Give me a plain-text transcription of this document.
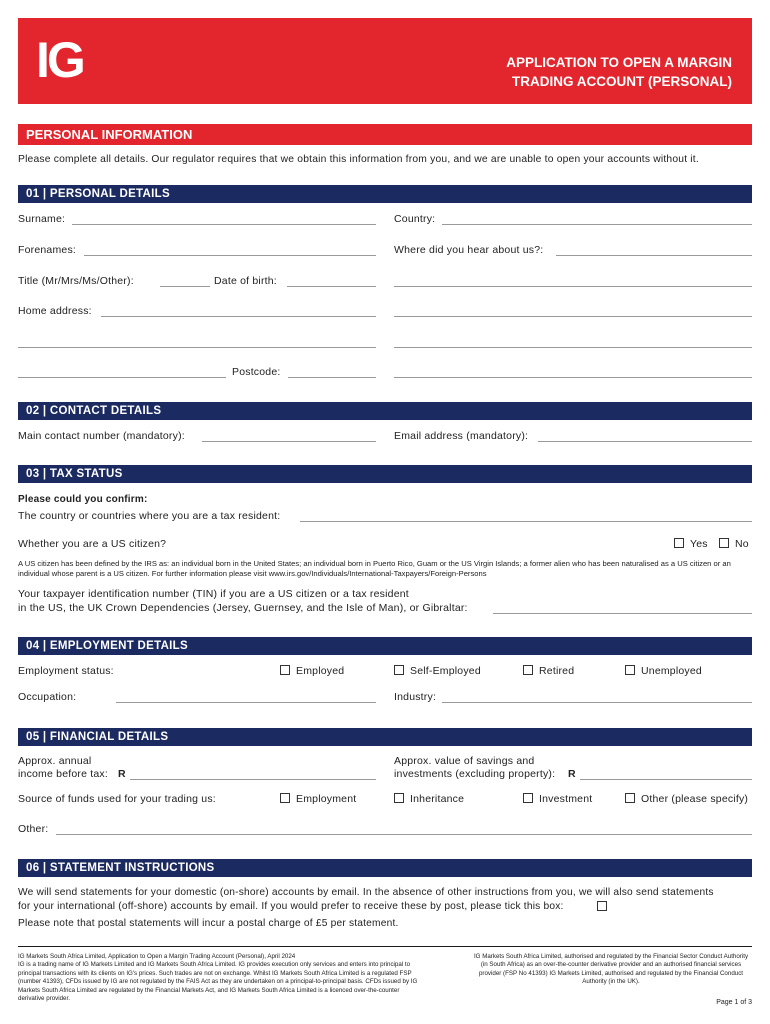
IG	APPLICATION TO OPEN A MARGIN
TRADING ACCOUNT (PERSONAL)
PERSONAL INFORMATION
Please complete all details. Our regulator requires that we obtain this information from you, and we are unable to open your accounts without it.
01 | PERSONAL DETAILS
Surname:	Country:
Forenames:	Where did you hear about us?:
Title (Mr/Mrs/Ms/Other):	Date of birth:
Home address:
Postcode:
02 | CONTACT DETAILS
Main contact number (mandatory):	Email address (mandatory):
03 | TAX STATUS
Please could you confirm:
The country or countries where you are a tax resident:
Whether you are a US citizen?	Yes	No
A US citizen has been defined by the IRS as: an individual born in the United States; an individual born in Puerto Rico, Guam or the US Virgin Islands; a former alien who has been naturalised as a US citizen or an individual whose parent is a US citizen. For further information please visit www.irs.gov/Individuals/International-Taxpayers/Foreign-Persons
Your taxpayer identification number (TIN) if you are a US citizen or a tax resident
in the US, the UK Crown Dependencies (Jersey, Guernsey, and the Isle of Man), or Gibraltar:
04 | EMPLOYMENT DETAILS
Employment status:	Employed	Self-Employed	Retired	Unemployed
Occupation:	Industry:
05 | FINANCIAL DETAILS
Approx. annual
income before tax: R
Approx. value of savings and
investments (excluding property): R
Source of funds used for your trading us:	Employment	Inheritance	Investment	Other (please specify)
Other:
06 | STATEMENT INSTRUCTIONS
We will send statements for your domestic (on-shore) accounts by email. In the absence of other instructions from you, we will also send statements
for your international (off-shore) accounts by email. If you would prefer to receive these by post, please tick this box:
Please note that postal statements will incur a postal charge of £5 per statement.
IG Markets South Africa Limited, Application to Open a Margin Trading Account (Personal), April 2024
IG is a trading name of IG Markets Limited and IG Markets South Africa Limited. IG provides execution only services and enters into principal to principal transactions with its clients on IG's prices. Such trades are not on exchange. Whilst IG Markets South Africa Limited is a regulated FSP (number 41393), CFDs issued by IG are not regulated by the FAIS Act as they are undertaken on a principal-to-principal basis. CFDs issued by IG Markets South Africa Limited are regulated by the Financial Markets Act, and IG Markets South Africa Limited is a licenced over-the-counter derivative provider.
IG Markets South Africa Limited, authorised and regulated by the Financial Sector Conduct Authority (in South Africa) as an over-the-counter derivative provider and an authorised financial services provider (FSP No 41393) IG Markets Limited, authorised and regulated by the Financial Conduct Authority (in the UK).
Page 1 of 3
